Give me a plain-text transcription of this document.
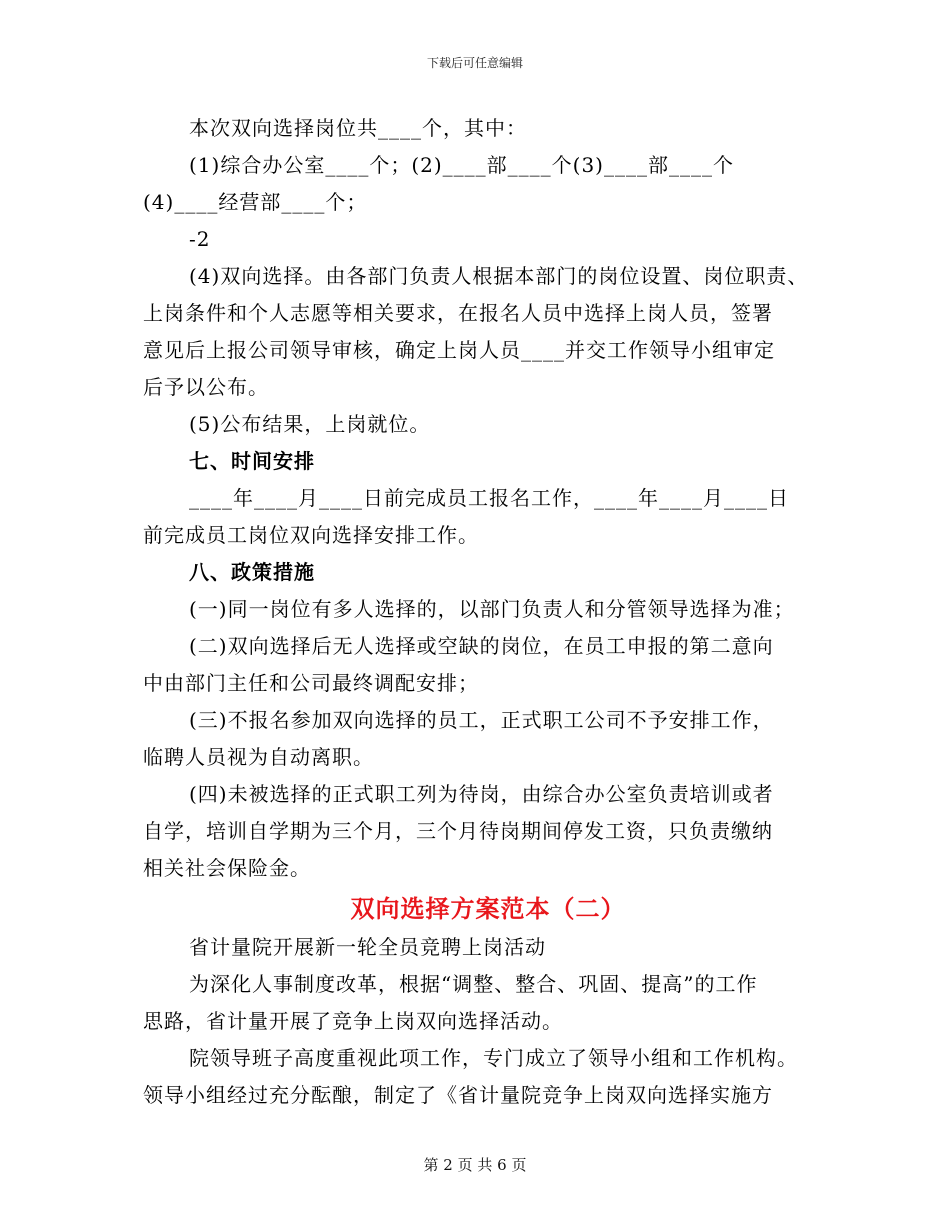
下载后可任意编辑
本次双向选择岗位共____个，其中：
(1)综合办公室____个；(2)____部____个(3)____部____个
(4)____经营部____个；
-2
(4)双向选择。由各部门负责人根据本部门的岗位设置、岗位职责、
上岗条件和个人志愿等相关要求，在报名人员中选择上岗人员，签署
意见后上报公司领导审核，确定上岗人员____并交工作领导小组审定
后予以公布。
(5)公布结果，上岗就位。
七、时间安排
____年____月____日前完成员工报名工作，____年____月____日
前完成员工岗位双向选择安排工作。
八、政策措施
(一)同一岗位有多人选择的，以部门负责人和分管领导选择为准；
(二)双向选择后无人选择或空缺的岗位，在员工申报的第二意向
中由部门主任和公司最终调配安排；
(三)不报名参加双向选择的员工，正式职工公司不予安排工作，
临聘人员视为自动离职。
(四)未被选择的正式职工列为待岗，由综合办公室负责培训或者
自学，培训自学期为三个月，三个月待岗期间停发工资，只负责缴纳
相关社会保险金。
双向选择方案范本（二）
省计量院开展新一轮全员竞聘上岗活动
为深化人事制度改革，根据“调整、整合、巩固、提高”的工作
思路，省计量开展了竞争上岗双向选择活动。
院领导班子高度重视此项工作，专门成立了领导小组和工作机构。
领导小组经过充分酝酿，制定了《省计量院竞争上岗双向选择实施方
第 2 页 共 6 页
